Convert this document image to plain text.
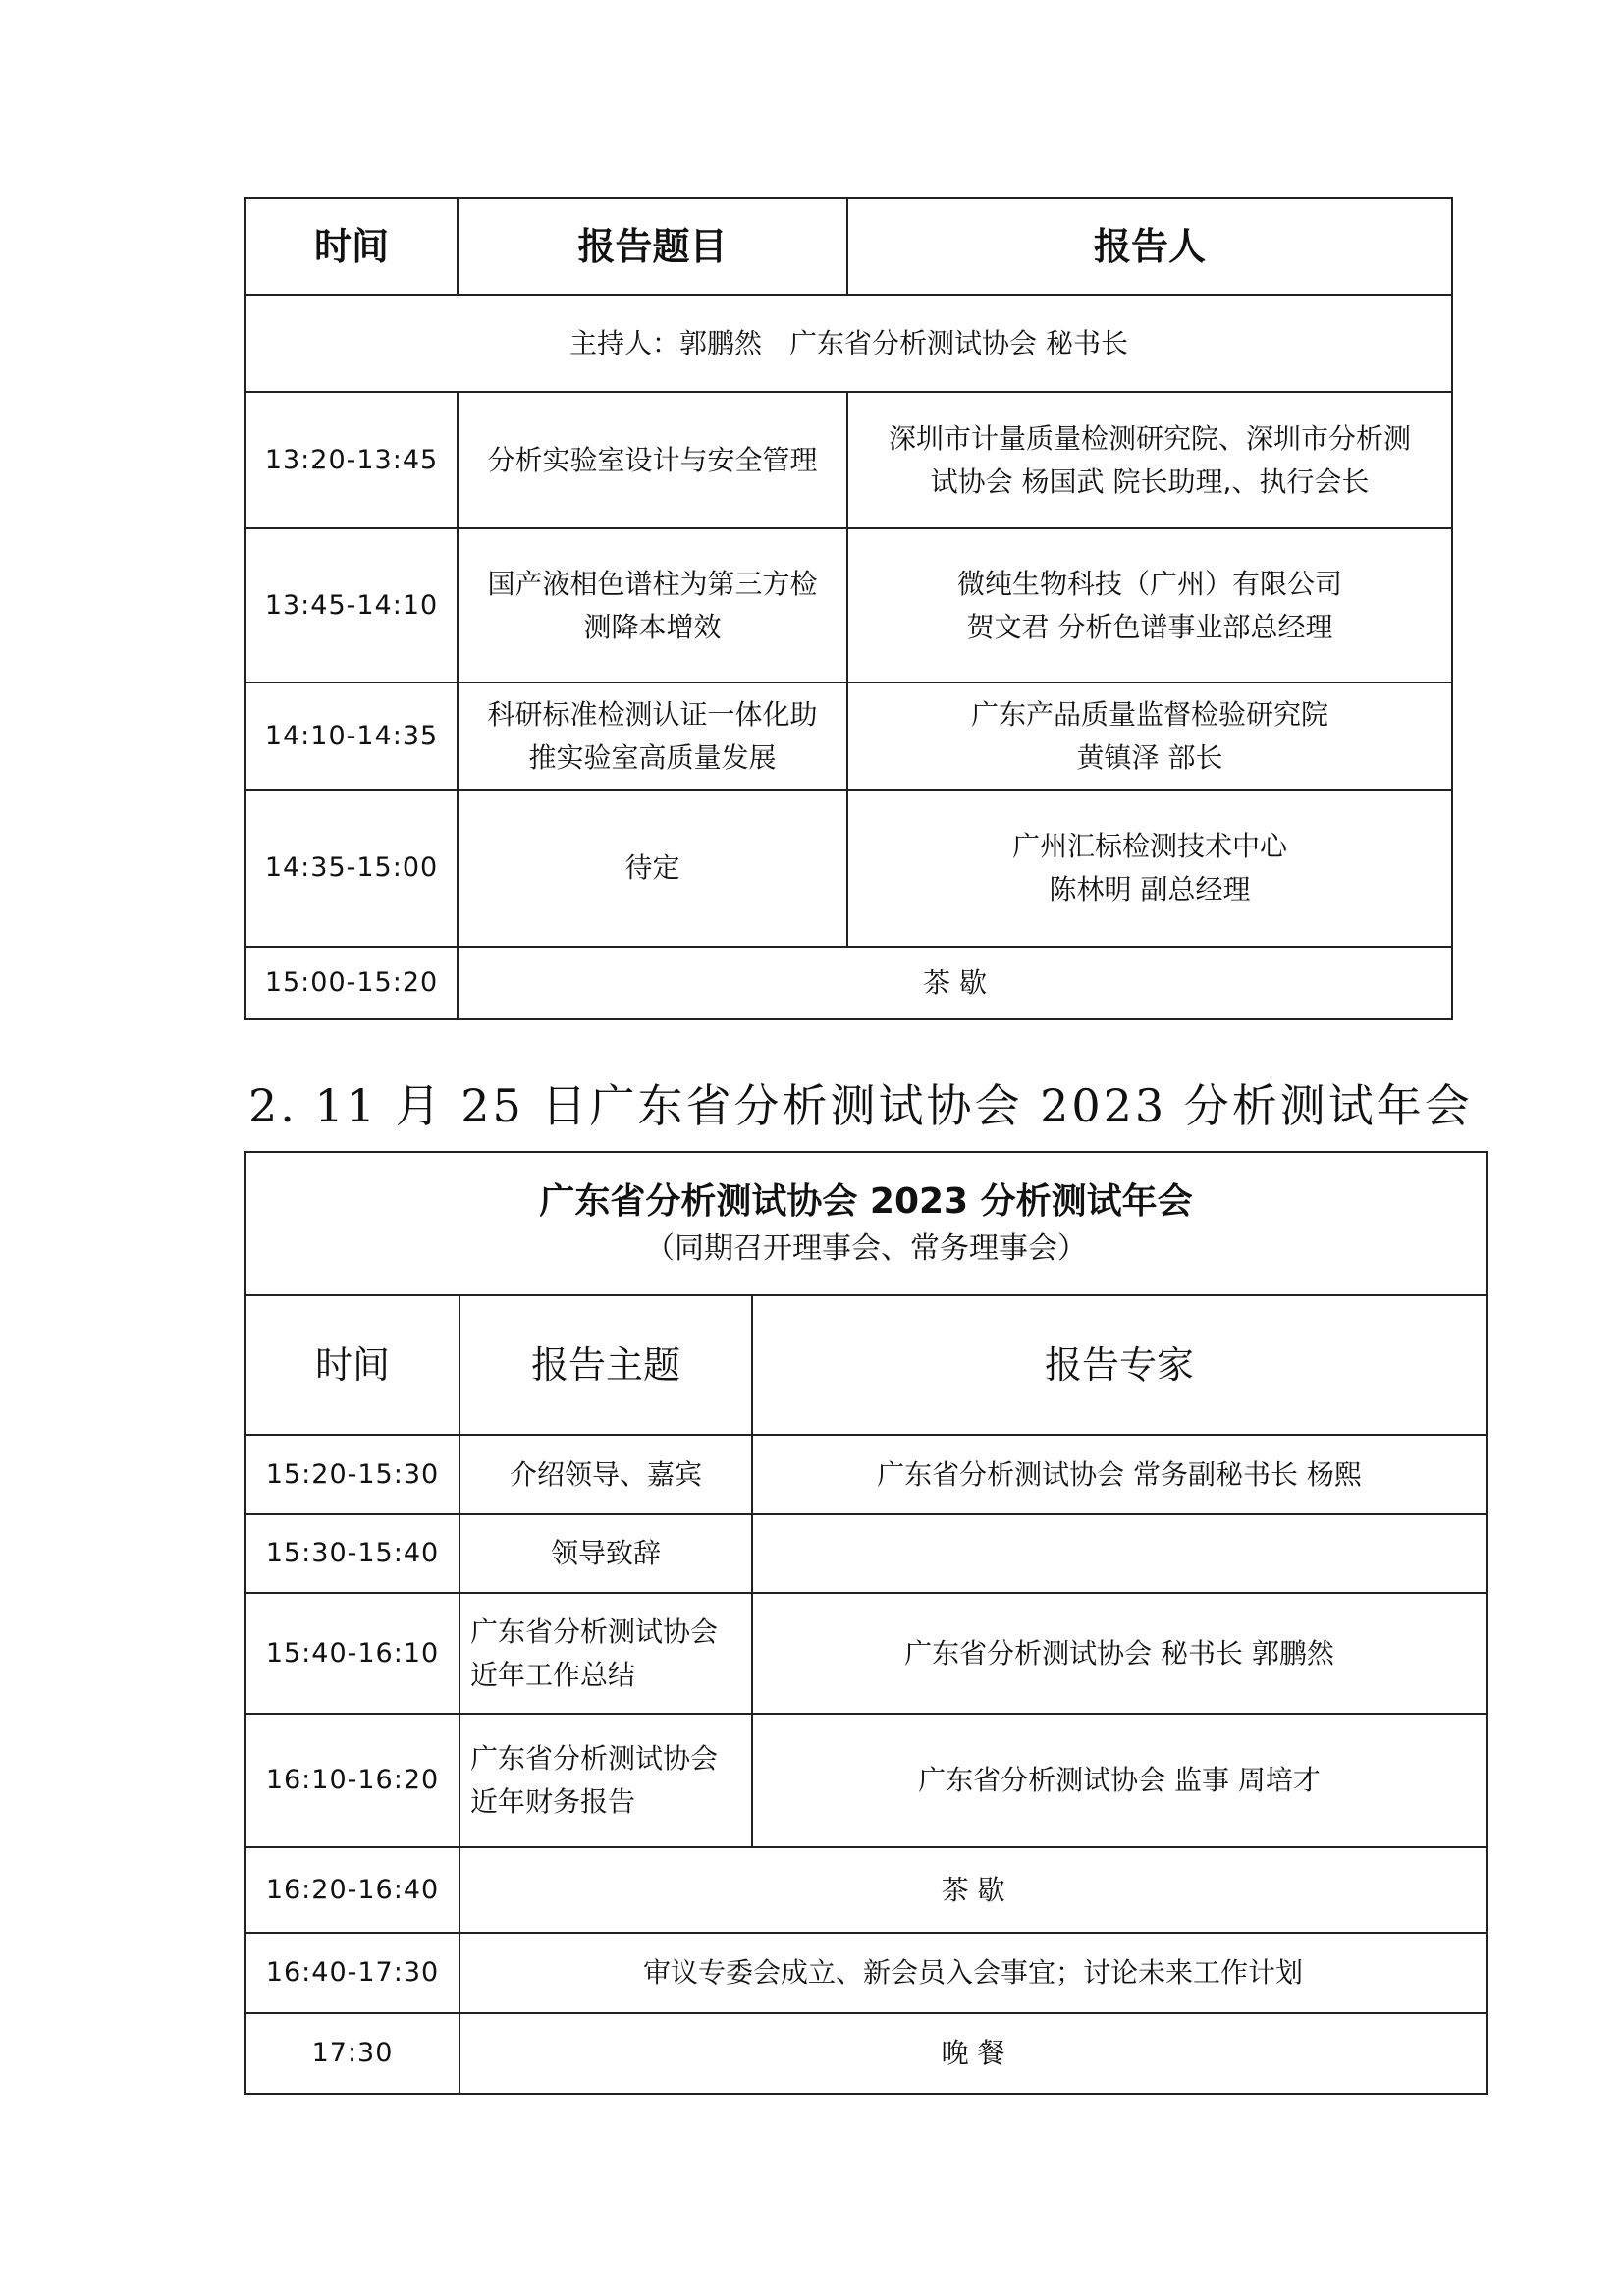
时间	报告题目	报告人
主持人：郭鹏然　广东省分析测试协会 秘书长		
13:20-13:45	分析实验室设计与安全管理	深圳市计量质量检测研究院、深圳市分析测
试协会 杨国武 院长助理,、执行会长

13:45-14:10	国产液相色谱柱为第三方检
测降本增效	微纯生物科技（广州）有限公司
贺文君 分析色谱事业部总经理

14:10-14:35	科研标准检测认证一体化助
推实验室高质量发展	广东产品质量监督检验研究院
黄镇泽 部长

14:35-15:00	待定	广州汇标检测技术中心
陈林明 副总经理

15:00-15:20	茶 歇	
2. 11 月 25 日广东省分析测试协会 2023 分析测试年会
广东省分析测试协会 2023 分析测试年会
（同期召开理事会、常务理事会）		

时间	报告主题	报告专家
15:20-15:30	介绍领导、嘉宾	广东省分析测试协会 常务副秘书长 杨熙
15:30-15:40	领导致辞	

15:40-16:10	广东省分析测试协会
近年工作总结	广东省分析测试协会 秘书长 郭鹏然
16:10-16:20	广东省分析测试协会
近年财务报告	广东省分析测试协会 监事 周培才
16:20-16:40	茶 歇	
16:40-17:30	审议专委会成立、新会员入会事宜；讨论未来工作计划	
17:30	晚 餐	
